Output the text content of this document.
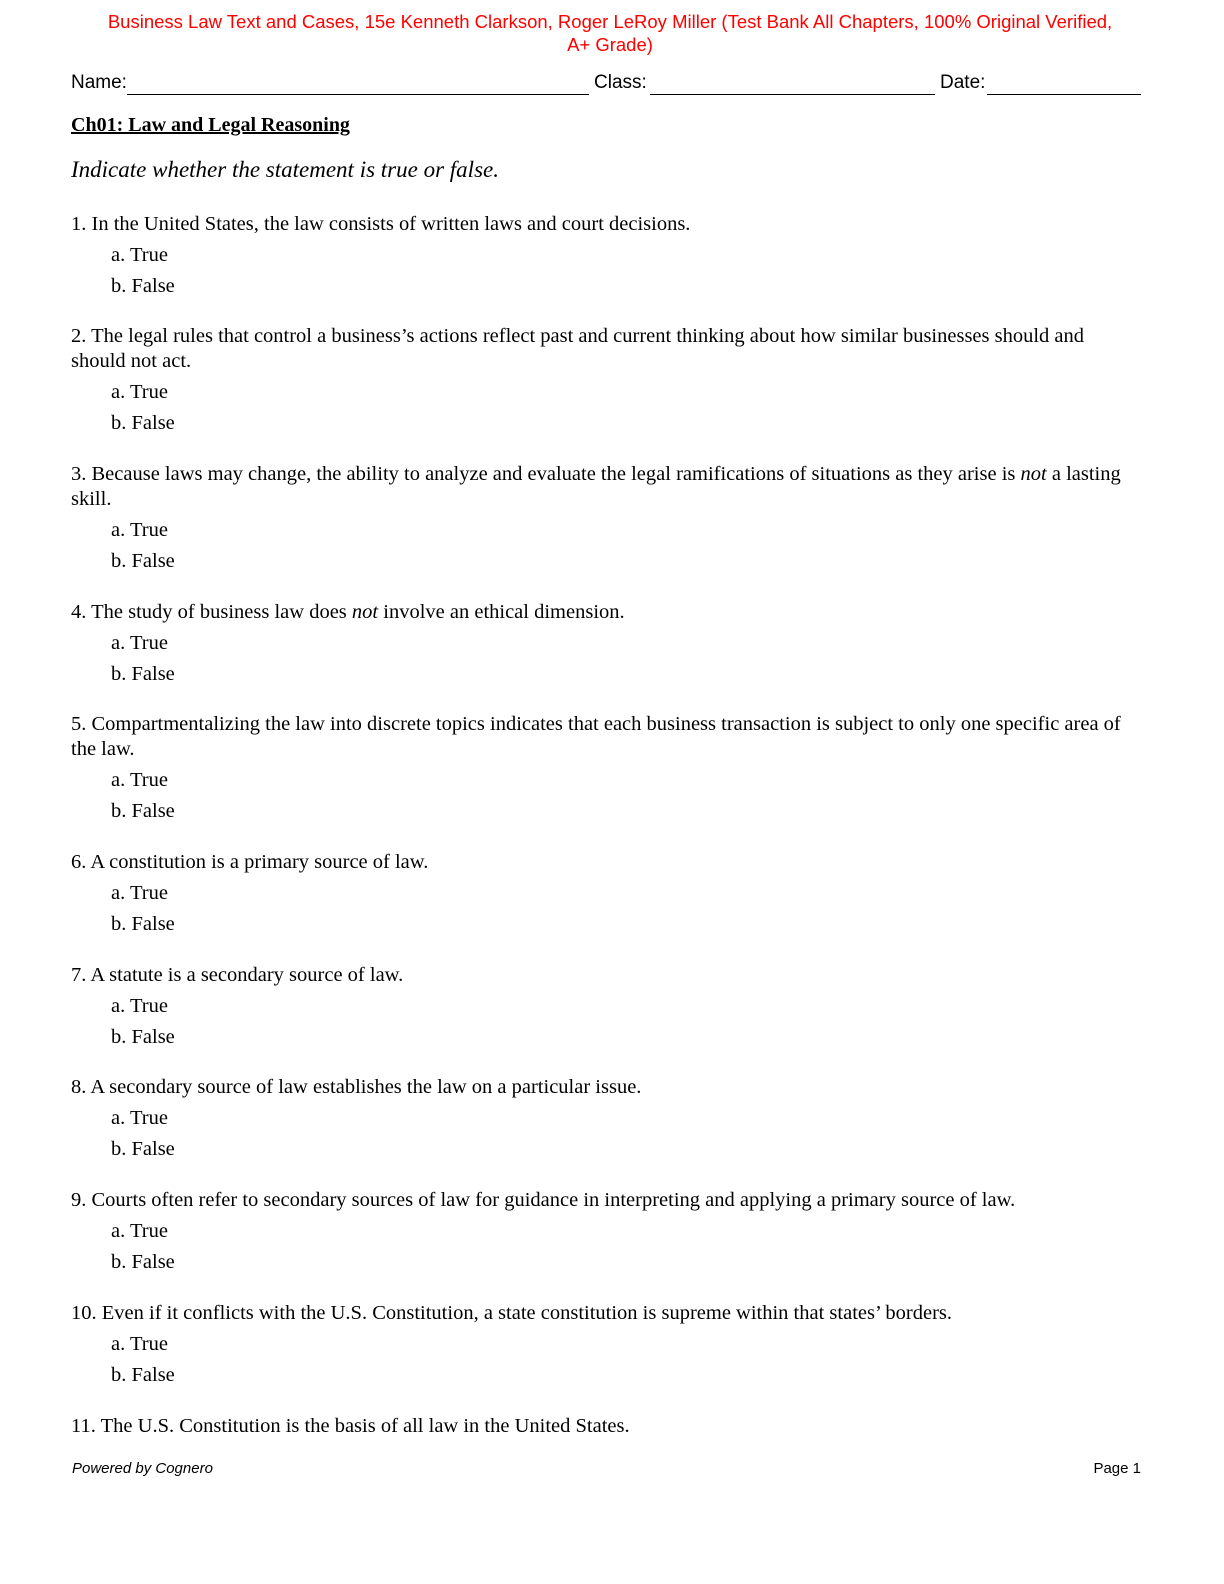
Business Law Text and Cases, 15e Kenneth Clarkson, Roger LeRoy Miller (Test Bank All Chapters, 100% Original Verified,
A+ Grade)
Name:	Class:	Date:
Ch01: Law and Legal Reasoning
Indicate whether the statement is true or false.

1. In the United States, the law consists of written laws and court decisions.

a. True
b. False

2. The legal rules that control a business’s actions reflect past and current thinking about how similar businesses should and should not act.

a. True
b. False

3. Because laws may change, the ability to analyze and evaluate the legal ramifications of situations as they arise is not a lasting skill.

a. True
b. False

4. The study of business law does not involve an ethical dimension.

a. True
b. False

5. Compartmentalizing the law into discrete topics indicates that each business transaction is subject to only one specific area of the law.

a. True
b. False

6. A constitution is a primary source of law.

a. True
b. False

7. A statute is a secondary source of law.

a. True
b. False

8. A secondary source of law establishes the law on a particular issue.

a. True
b. False

9. Courts often refer to secondary sources of law for guidance in interpreting and applying a primary source of law.

a. True
b. False

10. Even if it conflicts with the U.S. Constitution, a state constitution is supreme within that states’ borders.

a. True
b. False

11. The U.S. Constitution is the basis of all law in the United States.

Powered by Cognero	Page 1
